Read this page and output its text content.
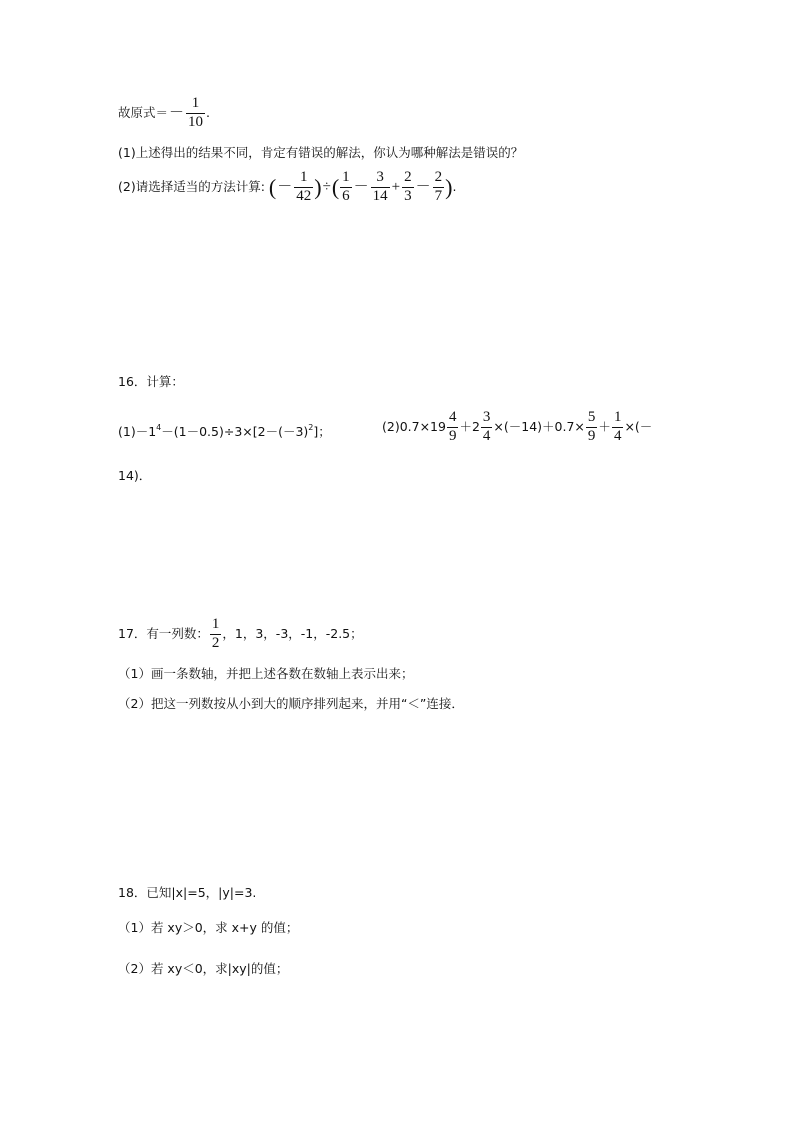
故原式＝－ $\frac{1}{10}$ .
(1)上述得出的结果不同，肯定有错误的解法，你认为哪种解法是错误的？
(2)请选择适当的方法计算: (－ $\frac{1}{42}$ )÷( $\frac{1}{6} - \frac{3}{14} + \frac{2}{3} - \frac{2}{7}$ ).
16．计算：
$(1)-1^4-(1-0.5)\div 3\times[2-(-3)^2]$；	$(2)0.7\times 19 \frac{4}{9} +2 \frac{3}{4} \times(-14)+0.7\times \frac{5}{9} + \frac{1}{4}$ ×(－
14)．
17．有一列数： $\frac{1}{2}$ ，1，3，-3，-1，-2.5；
（1）画一条数轴，并把上述各数在数轴上表示出来；
（2）把这一列数按从小到大的顺序排列起来，并用“＜”连接．
18．已知|x|=5，|y|=3.
（1）若 xy＞0，求 x+y 的值；
（2）若 xy＜0，求|xy|的值；
